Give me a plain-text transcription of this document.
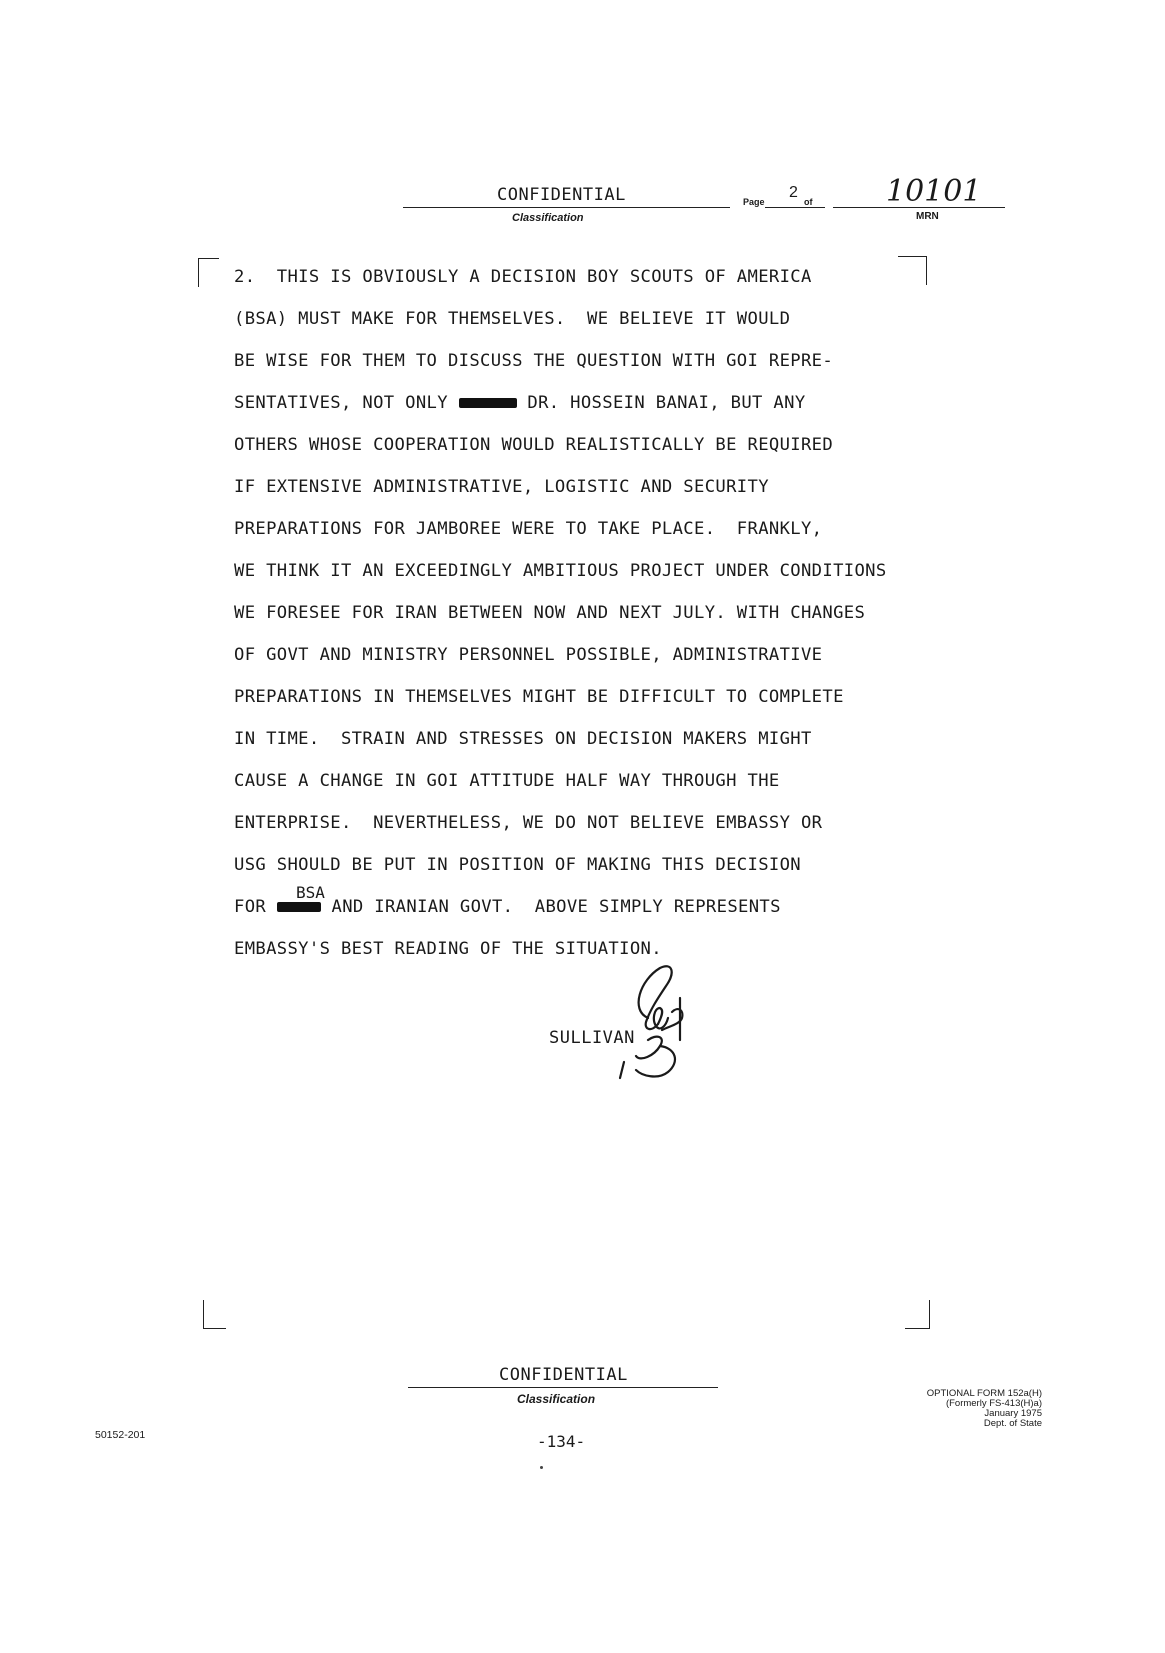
CONFIDENTIAL
Classification
Page
2
of 10101
MRN
2.  THIS IS OBVIOUSLY A DECISION BOY SCOUTS OF AMERICA
(BSA) MUST MAKE FOR THEMSELVES.  WE BELIEVE IT WOULD
BE WISE FOR THEM TO DISCUSS THE QUESTION WITH GOI REPRE-
SENTATIVES, NOT ONLY	DR. HOSSEIN BANAI, BUT ANY
OTHERS WHOSE COOPERATION WOULD REALISTICALLY BE REQUIRED
IF EXTENSIVE ADMINISTRATIVE, LOGISTIC AND SECURITY
PREPARATIONS FOR JAMBOREE WERE TO TAKE PLACE.  FRANKLY,
WE THINK IT AN EXCEEDINGLY AMBITIOUS PROJECT UNDER CONDITIONS
WE FORESEE FOR IRAN BETWEEN NOW AND NEXT JULY. WITH CHANGES
OF GOVT AND MINISTRY PERSONNEL POSSIBLE, ADMINISTRATIVE
PREPARATIONS IN THEMSELVES MIGHT BE DIFFICULT TO COMPLETE
IN TIME.  STRAIN AND STRESSES ON DECISION MAKERS MIGHT
CAUSE A CHANGE IN GOI ATTITUDE HALF WAY THROUGH THE
ENTERPRISE.  NEVERTHELESS, WE DO NOT BELIEVE EMBASSY OR
USG SHOULD BE PUT IN POSITION OF MAKING THIS DECISION
BSA
FOR	AND IRANIAN GOVT.  ABOVE SIMPLY REPRESENTS
EMBASSY'S BEST READING OF THE SITUATION.
SULLIVAN
CONFIDENTIAL
Classification
-134-
50152-201
OPTIONAL FORM 152a(H)
(Formerly FS-413(H)a)
January 1975
Dept. of State
